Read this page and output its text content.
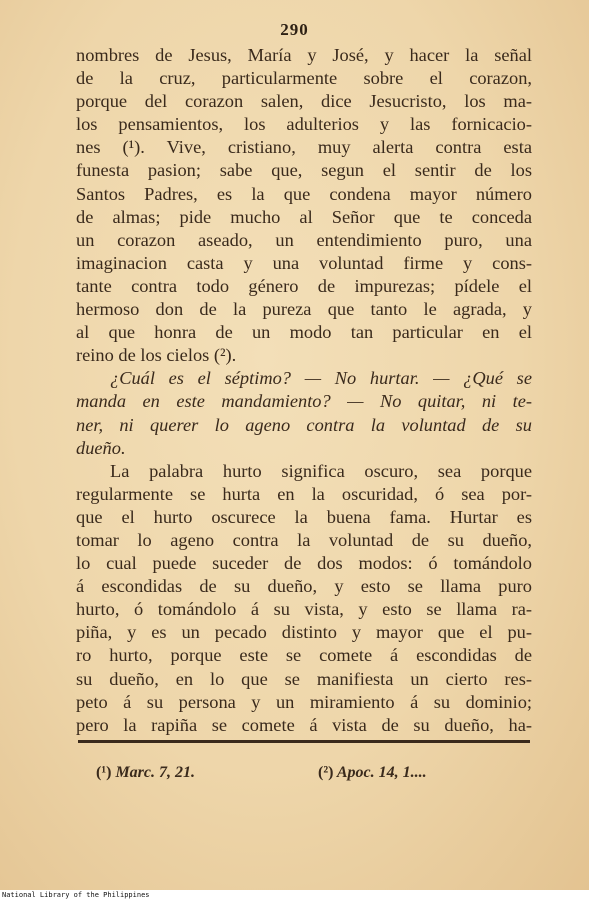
290
nombres de Jesus, María y José, y hacer la señal
de la cruz, particularmente sobre el corazon,
porque del corazon salen, dice Jesucristo, los ma-
los pensamientos, los adulterios y las fornicacio-
nes (¹). Vive, cristiano, muy alerta contra esta
funesta pasion; sabe que, segun el sentir de los
Santos Padres, es la que condena mayor número
de almas; pide mucho al Señor que te conceda
un corazon aseado, un entendimiento puro, una
imaginacion casta y una voluntad firme y cons-
tante contra todo género de impurezas; pídele el
hermoso don de la pureza que tanto le agrada, y
al que honra de un modo tan particular en el
reino de los cielos (²).
¿Cuál es el séptimo? — No hurtar. — ¿Qué se
manda en este mandamiento? — No quitar, ni te-
ner, ni querer lo ageno contra la voluntad de su
dueño.
La palabra hurto significa oscuro, sea porque
regularmente se hurta en la oscuridad, ó sea por-
que el hurto oscurece la buena fama. Hurtar es
tomar lo ageno contra la voluntad de su dueño,
lo cual puede suceder de dos modos: ó tomándolo
á escondidas de su dueño, y esto se llama puro
hurto, ó tomándolo á su vista, y esto se llama ra-
piña, y es un pecado distinto y mayor que el pu-
ro hurto, porque este se comete á escondidas de
su dueño, en lo que se manifiesta un cierto res-
peto á su persona y un miramiento á su dominio;
pero la rapiña se comete á vista de su dueño, ha-
(¹) Marc. 7, 21.	(²) Apoc. 14, 1....
National Library of the Philippines
